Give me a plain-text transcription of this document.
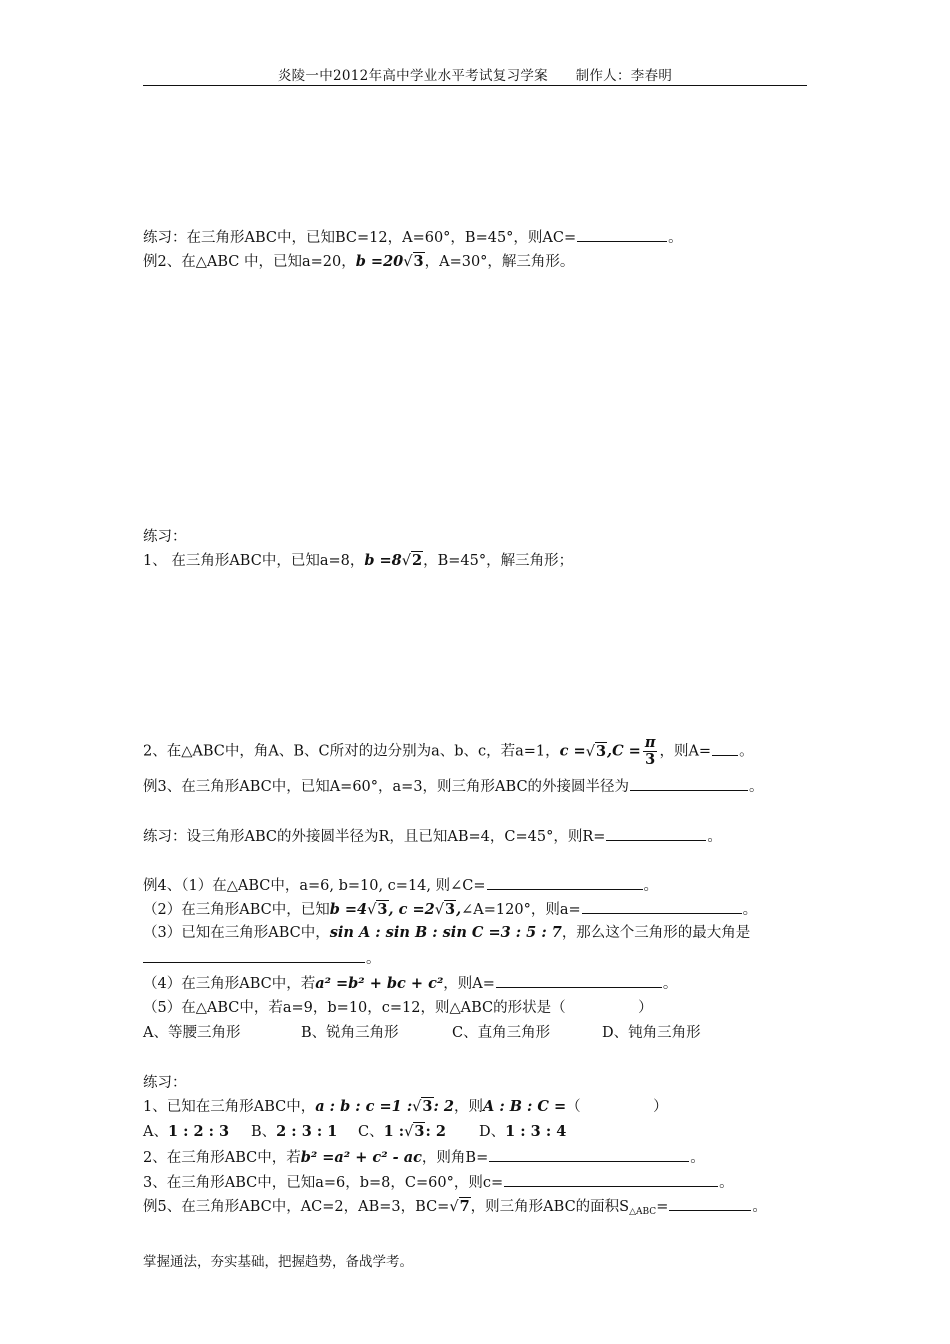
炎陵一中2012年高中学业水平考试复习学案　　制作人：李春明
练习：在三角形ABC中，已知BC=12，A=60°，B=45°，则AC=	。
例2、在△ABC 中，已知a=20，b =20√3，A=30°，解三角形。
练习：
1、 在三角形ABC中，已知a=8，b =8√2，B=45°，解三角形；
2、在△ABC中，角A、B、C所对的边分别为a、b、c，若a=1，$c =√3,C = \frac{\pi}{3}$ ，则A= 。
例3、在三角形ABC中，已知A=60°，a=3，则三角形ABC的外接圆半径为	。
练习：设三角形ABC的外接圆半径为R，且已知AB=4，C=45°，则R=	。
例4、（1）在△ABC中，a=6, b=10, c=14, 则∠C=	。
（2）在三角形ABC中，已知b =4√3, c =2√3,∠A=120°，则a=	。
（3）已知在三角形ABC中，sin A : sin B : sin C =3 : 5 : 7，那么这个三角形的最大角是
。
（4）在三角形ABC中，若a² =b² + bc + c²，则A=	。
（5）在△ABC中，若a=9，b=10，c=12，则△ABC的形状是（　　　　　）
A、等腰三角形	B、锐角三角形	C、直角三角形	D、钝角三角形
练习：
1、已知在三角形ABC中，a : b : c =1 :√3: 2，则A : B : C =（　　　　　）
A、1 : 2 : 3 B、2 : 3 : 1 C、1 :√3: 2 D、1 : 3 : 4
2、在三角形ABC中，若b² =a² + c² - ac，则角B=	。
3、在三角形ABC中，已知a=6，b=8，C=60°，则c=	。
例5、在三角形ABC中，AC=2，AB=3，BC=√7，则三角形ABC的面积$S_{\triangle ABC}=$	。
掌握通法，夯实基础，把握趋势，备战学考。
